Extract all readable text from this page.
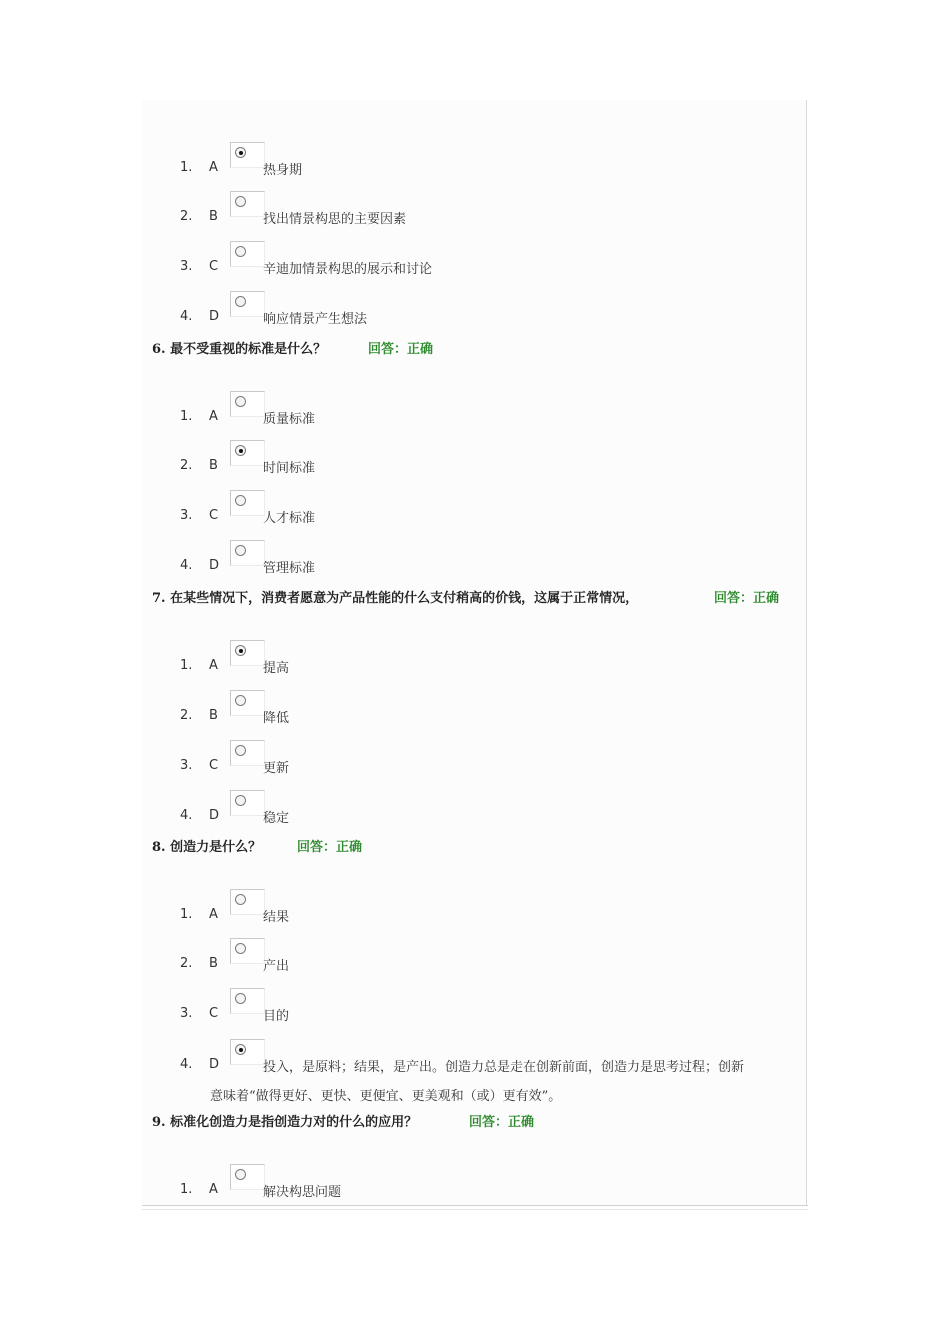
1. A	热身期
2. B	找出情景构思的主要因素
3. C	辛迪加情景构思的展示和讨论
4. D	响应情景产生想法
6. 最不受重视的标准是什么？	回答：正确
1. A	质量标准
2. B	时间标准
3. C	人才标准
4. D	管理标准
7. 在某些情况下，消费者愿意为产品性能的什么支付稍高的价钱，这属于正常情况，	回答：正确
1. A	提高
2. B	降低
3. C	更新
4. D	稳定
8. 创造力是什么？	回答：正确
1. A	结果
2. B	产出
3. C	目的
4. D	投入，是原料；结果，是产出。创造力总是走在创新前面，创造力是思考过程；创新
意味着“做得更好、更快、更便宜、更美观和（或）更有效”。
9. 标准化创造力是指创造力对的什么的应用？	回答：正确
1. A	解决构思问题
